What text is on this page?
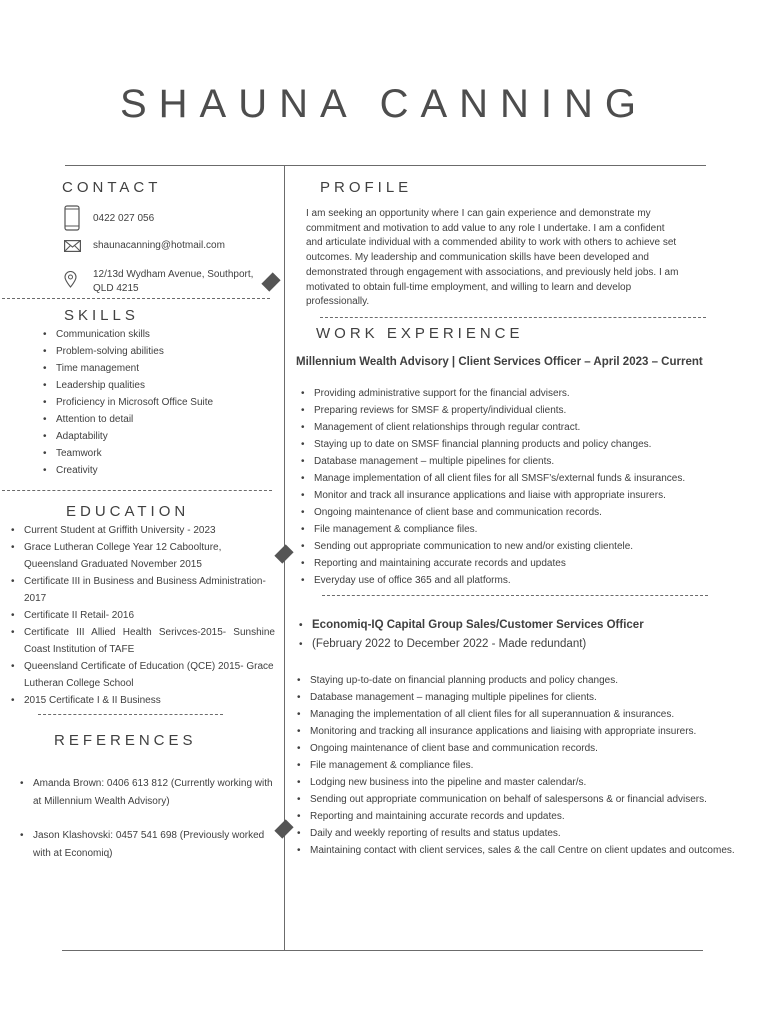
SHAUNA CANNING
CONTACT
0422 027 056
shaunacanning@hotmail.com
12/13d Wydham Avenue, Southport,
QLD 4215
SKILLS
• Communication skills
• Problem-solving abilities
• Time management
• Leadership qualities
• Proficiency in Microsoft Office Suite
• Attention to detail
• Adaptability
• Teamwork
• Creativity
EDUCATION
• Current Student at Griffith University - 2023
• Grace Lutheran College Year 12 Caboolture, Queensland Graduated November 2015
• Certificate III in Business and Business Administration- 2017
• Certificate II Retail- 2016
• Certificate III Allied Health Serivces-2015- Sunshine Coast Institution of TAFE
• Queensland Certificate of Education (QCE) 2015- Grace Lutheran College School
• 2015 Certificate I & II Business
REFERENCES
• Amanda Brown: 0406 613 812 (Currently working with at Millennium Wealth Advisory)
• Jason Klashovski: 0457 541 698 (Previously worked with at Economiq)
PROFILE
I am seeking an opportunity where I can gain experience and demonstrate my commitment and motivation to add value to any role I undertake. I am a confident and articulate individual with a commended ability to work with others to achieve set outcomes. My leadership and communication skills have been developed and demonstrated through engagement with associations, and previously held jobs. I am motivated to obtain full-time employment, and willing to learn and develop professionally.
WORK EXPERIENCE
Millennium Wealth Advisory | Client Services Officer – April 2023 – Current
• Providing administrative support for the financial advisers.
• Preparing reviews for SMSF & property/individual clients.
• Management of client relationships through regular contract.
• Staying up to date on SMSF financial planning products and policy changes.
• Database management – multiple pipelines for clients.
• Manage implementation of all client files for all SMSF’s/external funds & insurances.
• Monitor and track all insurance applications and liaise with appropriate insurers.
• Ongoing maintenance of client base and communication records.
• File management & compliance files.
• Sending out appropriate communication to new and/or existing clientele.
• Reporting and maintaining accurate records and updates
• Everyday use of office 365 and all platforms.
• Economiq-IQ Capital Group Sales/Customer Services Officer
• (February 2022 to December 2022 - Made redundant)
• Staying up-to-date on financial planning products and policy changes.
• Database management – managing multiple pipelines for clients.
• Managing the implementation of all client files for all superannuation & insurances.
• Monitoring and tracking all insurance applications and liaising with appropriate insurers.
• Ongoing maintenance of client base and communication records.
• File management & compliance files.
• Lodging new business into the pipeline and master calendar/s.
• Sending out appropriate communication on behalf of salespersons & or financial advisers.
• Reporting and maintaining accurate records and updates.
• Daily and weekly reporting of results and status updates.
• Maintaining contact with client services, sales & the call Centre on client updates and outcomes.
